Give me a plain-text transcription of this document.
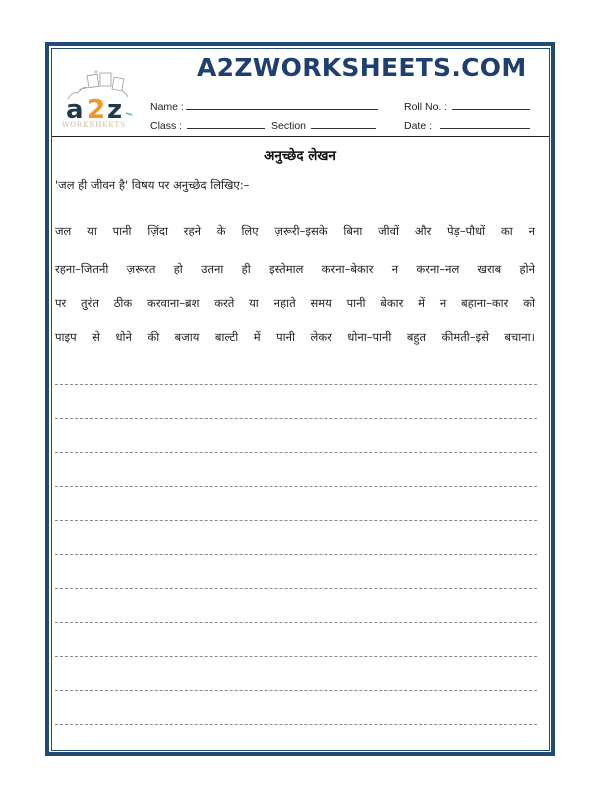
a 2 z
WORKSHEETS
A2ZWORKSHEETS.COM
Name :	Roll No. :
Class :	Section	Date :
अनुच्छेद लेखन
'जल ही जीवन है' विषय पर अनुच्छेद लिखिए:–
जल या पानी ज़िंदा रहने के लिए ज़रूरी–इसके बिना जीवों और पेड़–पौधों का न
रहना–जितनी ज़रूरत हो उतना ही इस्तेमाल करना–बेकार न करना–नल खराब होने
पर तुरंत ठीक करवाना–ब्रश करते या नहाते समय पानी बेकार में न बहाना–कार को
पाइप से धोने की बजाय बाल्टी में पानी लेकर धोना–पानी बहुत कीमती–इसे बचाना।
